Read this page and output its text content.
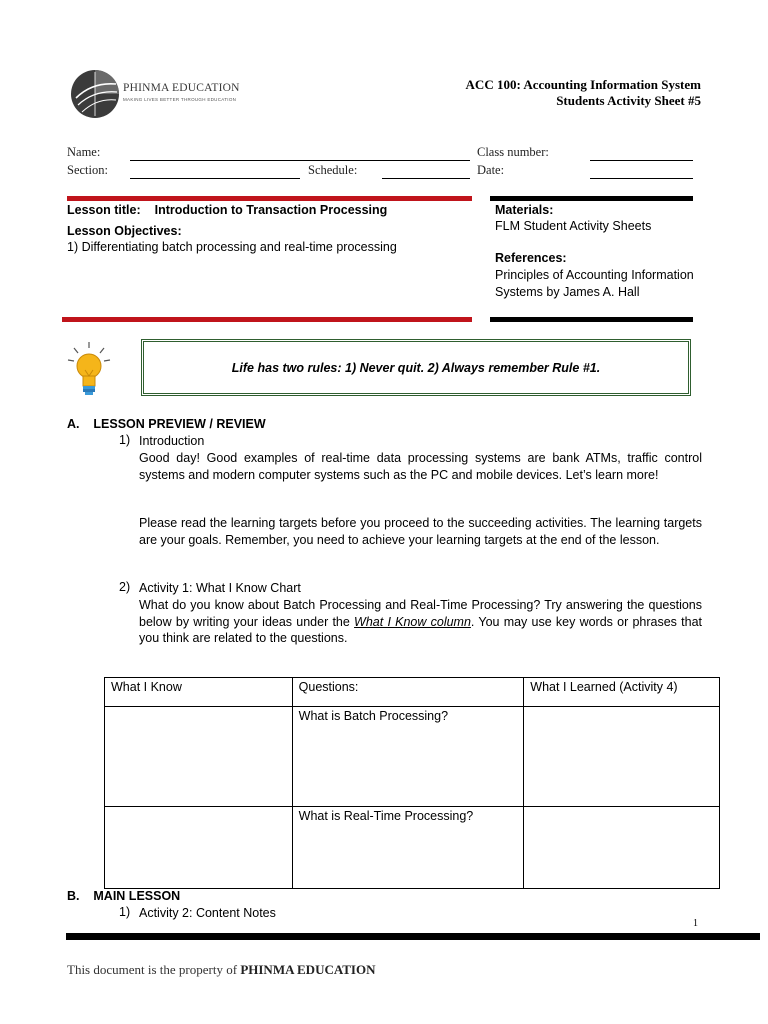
PHINMA EDUCATION
MAKING LIVES BETTER THROUGH EDUCATION
ACC 100: Accounting Information System
Students Activity Sheet #5
Name:
Section:	Schedule:
Class number:
Date:
Lesson title: Introduction to Transaction Processing
Lesson Objectives:
1) Differentiating batch processing and real-time processing
Materials:
FLM Student Activity Sheets
References:
Principles of Accounting Information Systems by James A. Hall
Life has two rules: 1) Never quit. 2) Always remember Rule #1.
A.    LESSON PREVIEW / REVIEW
1) Introduction
Good day! Good examples of real-time data processing systems are bank ATMs, traffic control systems and modern computer systems such as the PC and mobile devices. Let’s learn more!
Please read the learning targets before you proceed to the succeeding activities. The learning targets are your goals. Remember, you need to achieve your learning targets at the end of the lesson.
2) Activity 1: What I Know Chart
What do you know about Batch Processing and Real-Time Processing? Try answering the questions below by writing your ideas under the What I Know column. You may use key words or phrases that you think are related to the questions.
What I Know	Questions:	What I Learned (Activity 4)
	What is Batch Processing?	
	What is Real-Time Processing?	
B.    MAIN LESSON
1) Activity 2: Content Notes
1
This document is the property of PHINMA EDUCATION
